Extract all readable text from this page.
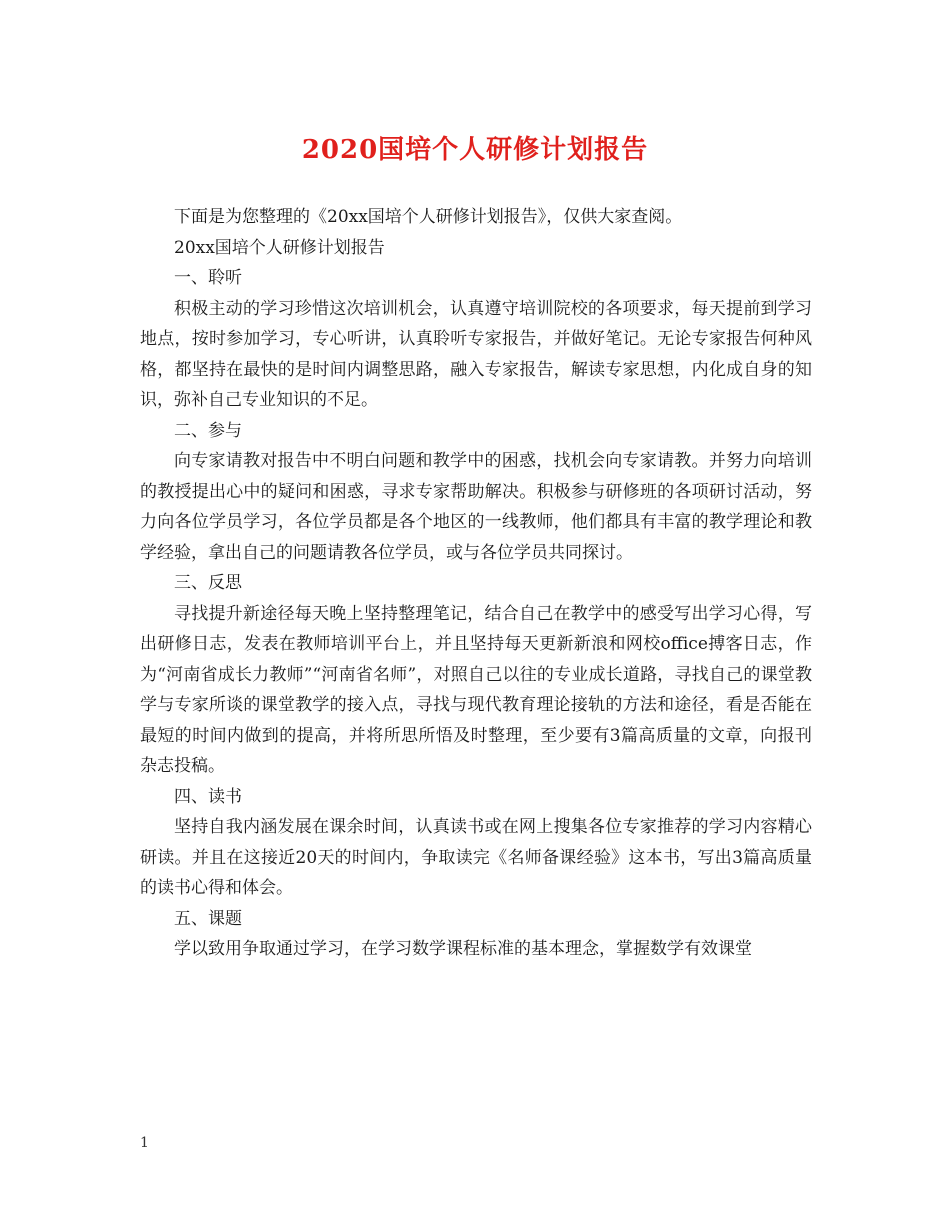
2020国培个人研修计划报告

下面是为您整理的《20xx国培个人研修计划报告》，仅供大家查阅。

20xx国培个人研修计划报告

一、聆听

积极主动的学习珍惜这次培训机会，认真遵守培训院校的各项要求，每天提前到学习地点，按时参加学习，专心听讲，认真聆听专家报告，并做好笔记。无论专家报告何种风格，都坚持在最快的是时间内调整思路，融入专家报告，解读专家思想，内化成自身的知识，弥补自己专业知识的不足。

二、参与

向专家请教对报告中不明白问题和教学中的困惑，找机会向专家请教。并努力向培训的教授提出心中的疑问和困惑，寻求专家帮助解决。积极参与研修班的各项研讨活动，努力向各位学员学习，各位学员都是各个地区的一线教师，他们都具有丰富的教学理论和教学经验，拿出自己的问题请教各位学员，或与各位学员共同探讨。

三、反思

寻找提升新途径每天晚上坚持整理笔记，结合自己在教学中的感受写出学习心得，写出研修日志，发表在教师培训平台上，并且坚持每天更新新浪和网校office搏客日志，作为“河南省成长力教师”“河南省名师”，对照自己以往的专业成长道路，寻找自己的课堂教学与专家所谈的课堂教学的接入点，寻找与现代教育理论接轨的方法和途径，看是否能在最短的时间内做到的提高，并将所思所悟及时整理，至少要有3篇高质量的文章，向报刊杂志投稿。

四、读书

坚持自我内涵发展在课余时间，认真读书或在网上搜集各位专家推荐的学习内容精心研读。并且在这接近20天的时间内，争取读完《名师备课经验》这本书，写出3篇高质量的读书心得和体会。

五、课题

学以致用争取通过学习，在学习数学课程标准的基本理念，掌握数学有效课堂

1
